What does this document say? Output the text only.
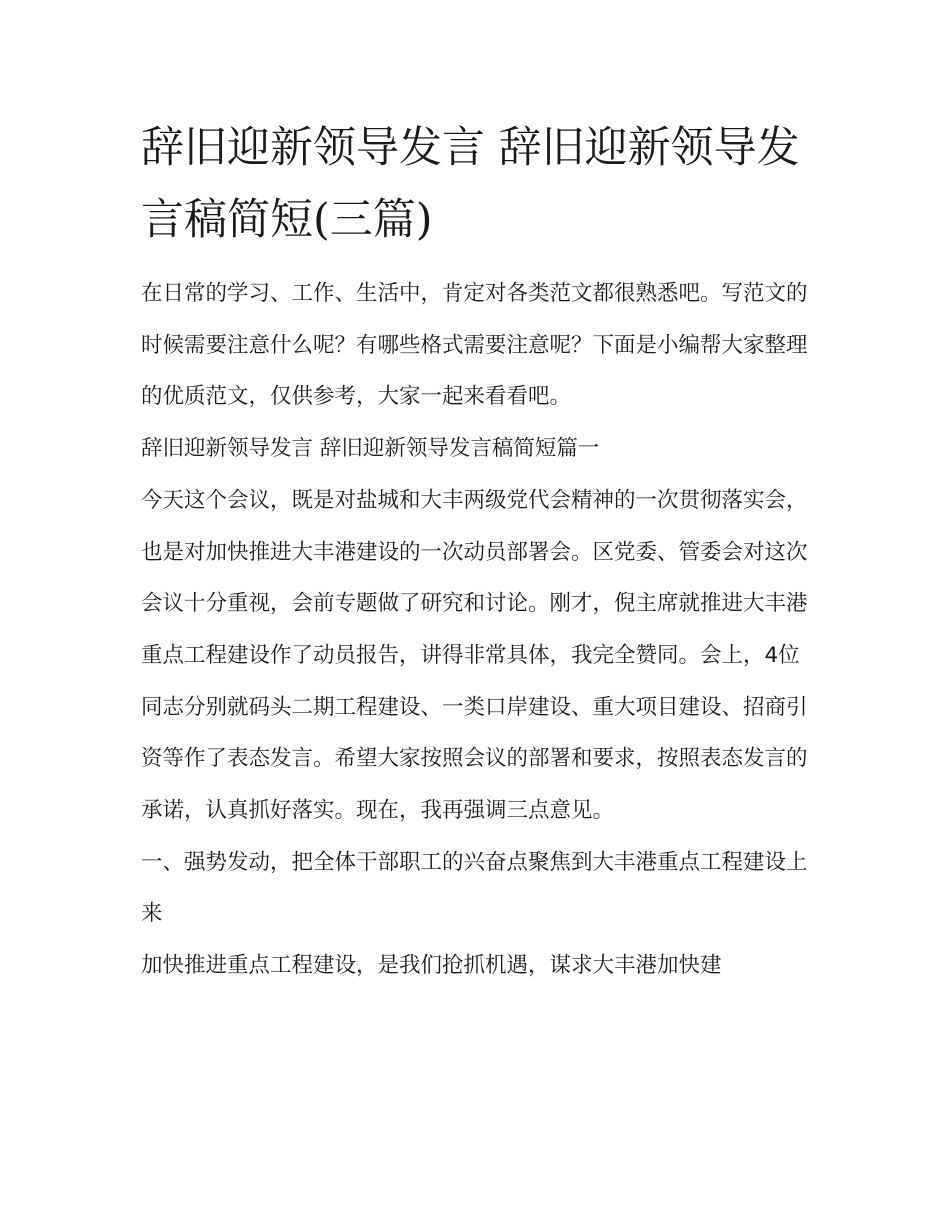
辞旧迎新领导发言 辞旧迎新领导发言稿简短(三篇)

在日常的学习、工作、生活中，肯定对各类范文都很熟悉吧。写范文的时候需要注意什么呢？有哪些格式需要注意呢？下面是小编帮大家整理的优质范文，仅供参考，大家一起来看看吧。

辞旧迎新领导发言 辞旧迎新领导发言稿简短篇一

今天这个会议，既是对盐城和大丰两级党代会精神的一次贯彻落实会，也是对加快推进大丰港建设的一次动员部署会。区党委、管委会对这次会议十分重视，会前专题做了研究和讨论。刚才，倪主席就推进大丰港重点工程建设作了动员报告，讲得非常具体，我完全赞同。会上，4位同志分别就码头二期工程建设、一类口岸建设、重大项目建设、招商引资等作了表态发言。希望大家按照会议的部署和要求，按照表态发言的承诺，认真抓好落实。现在，我再强调三点意见。

一、强势发动，把全体干部职工的兴奋点聚焦到大丰港重点工程建设上来

加快推进重点工程建设，是我们抢抓机遇，谋求大丰港加快建
